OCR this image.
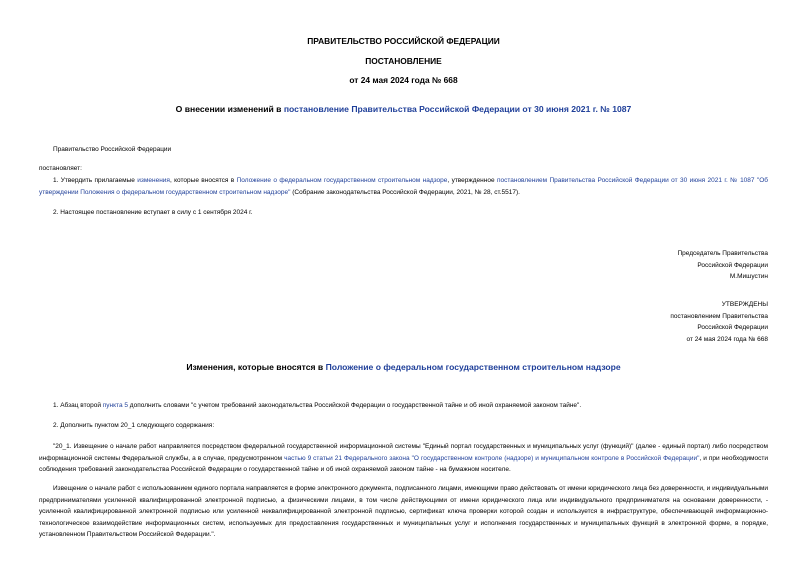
ПРАВИТЕЛЬСТВО РОССИЙСКОЙ ФЕДЕРАЦИИ
ПОСТАНОВЛЕНИЕ
от 24 мая 2024 года № 668
О внесении изменений в постановление Правительства Российской Федерации от 30 июня 2021 г. № 1087
Правительство Российской Федерации
постановляет:
1. Утвердить прилагаемые изменения, которые вносятся в Положение о федеральном государственном строительном надзоре, утвержденное постановлением Правительства Российской Федерации от 30 июня 2021 г. № 1087 "Об утверждении Положения о федеральном государственном строительном надзоре" (Собрание законодательства Российской Федерации, 2021, № 28, ст.5517).
2. Настоящее постановление вступает в силу с 1 сентября 2024 г.
Председатель Правительства
Российской Федерации
М.Мишустин
УТВЕРЖДЕНЫ
постановлением Правительства
Российской Федерации
от 24 мая 2024 года № 668
Изменения, которые вносятся в Положение о федеральном государственном строительном надзоре
1. Абзац второй пункта 5 дополнить словами "с учетом требований законодательства Российской Федерации о государственной тайне и об иной охраняемой законом тайне".
2. Дополнить пунктом 20_1 следующего содержания:
"20_1. Извещение о начале работ направляется посредством федеральной государственной информационной системы "Единый портал государственных и муниципальных услуг (функций)" (далее - единый портал) либо посредством информационной системы Федеральной службы, а в случае, предусмотренном частью 9 статьи 21 Федерального закона "О государственном контроле (надзоре) и муниципальном контроле в Российской Федерации", и при необходимости соблюдения требований законодательства Российской Федерации о государственной тайне и об иной охраняемой законом тайне - на бумажном носителе.
Извещение о начале работ с использованием единого портала направляется в форме электронного документа, подписанного лицами, имеющими право действовать от имени юридического лица без доверенности, и индивидуальными предпринимателями усиленной квалифицированной электронной подписью, а физическими лицами, в том числе действующими от имени юридического лица или индивидуального предпринимателя на основании доверенности, - усиленной квалифицированной электронной подписью или усиленной неквалифицированной электронной подписью, сертификат ключа проверки которой создан и используется в инфраструктуре, обеспечивающей информационно-технологическое взаимодействие информационных систем, используемых для предоставления государственных и муниципальных услуг и исполнения государственных и муниципальных функций в электронной форме, в порядке, установленном Правительством Российской Федерации.".
